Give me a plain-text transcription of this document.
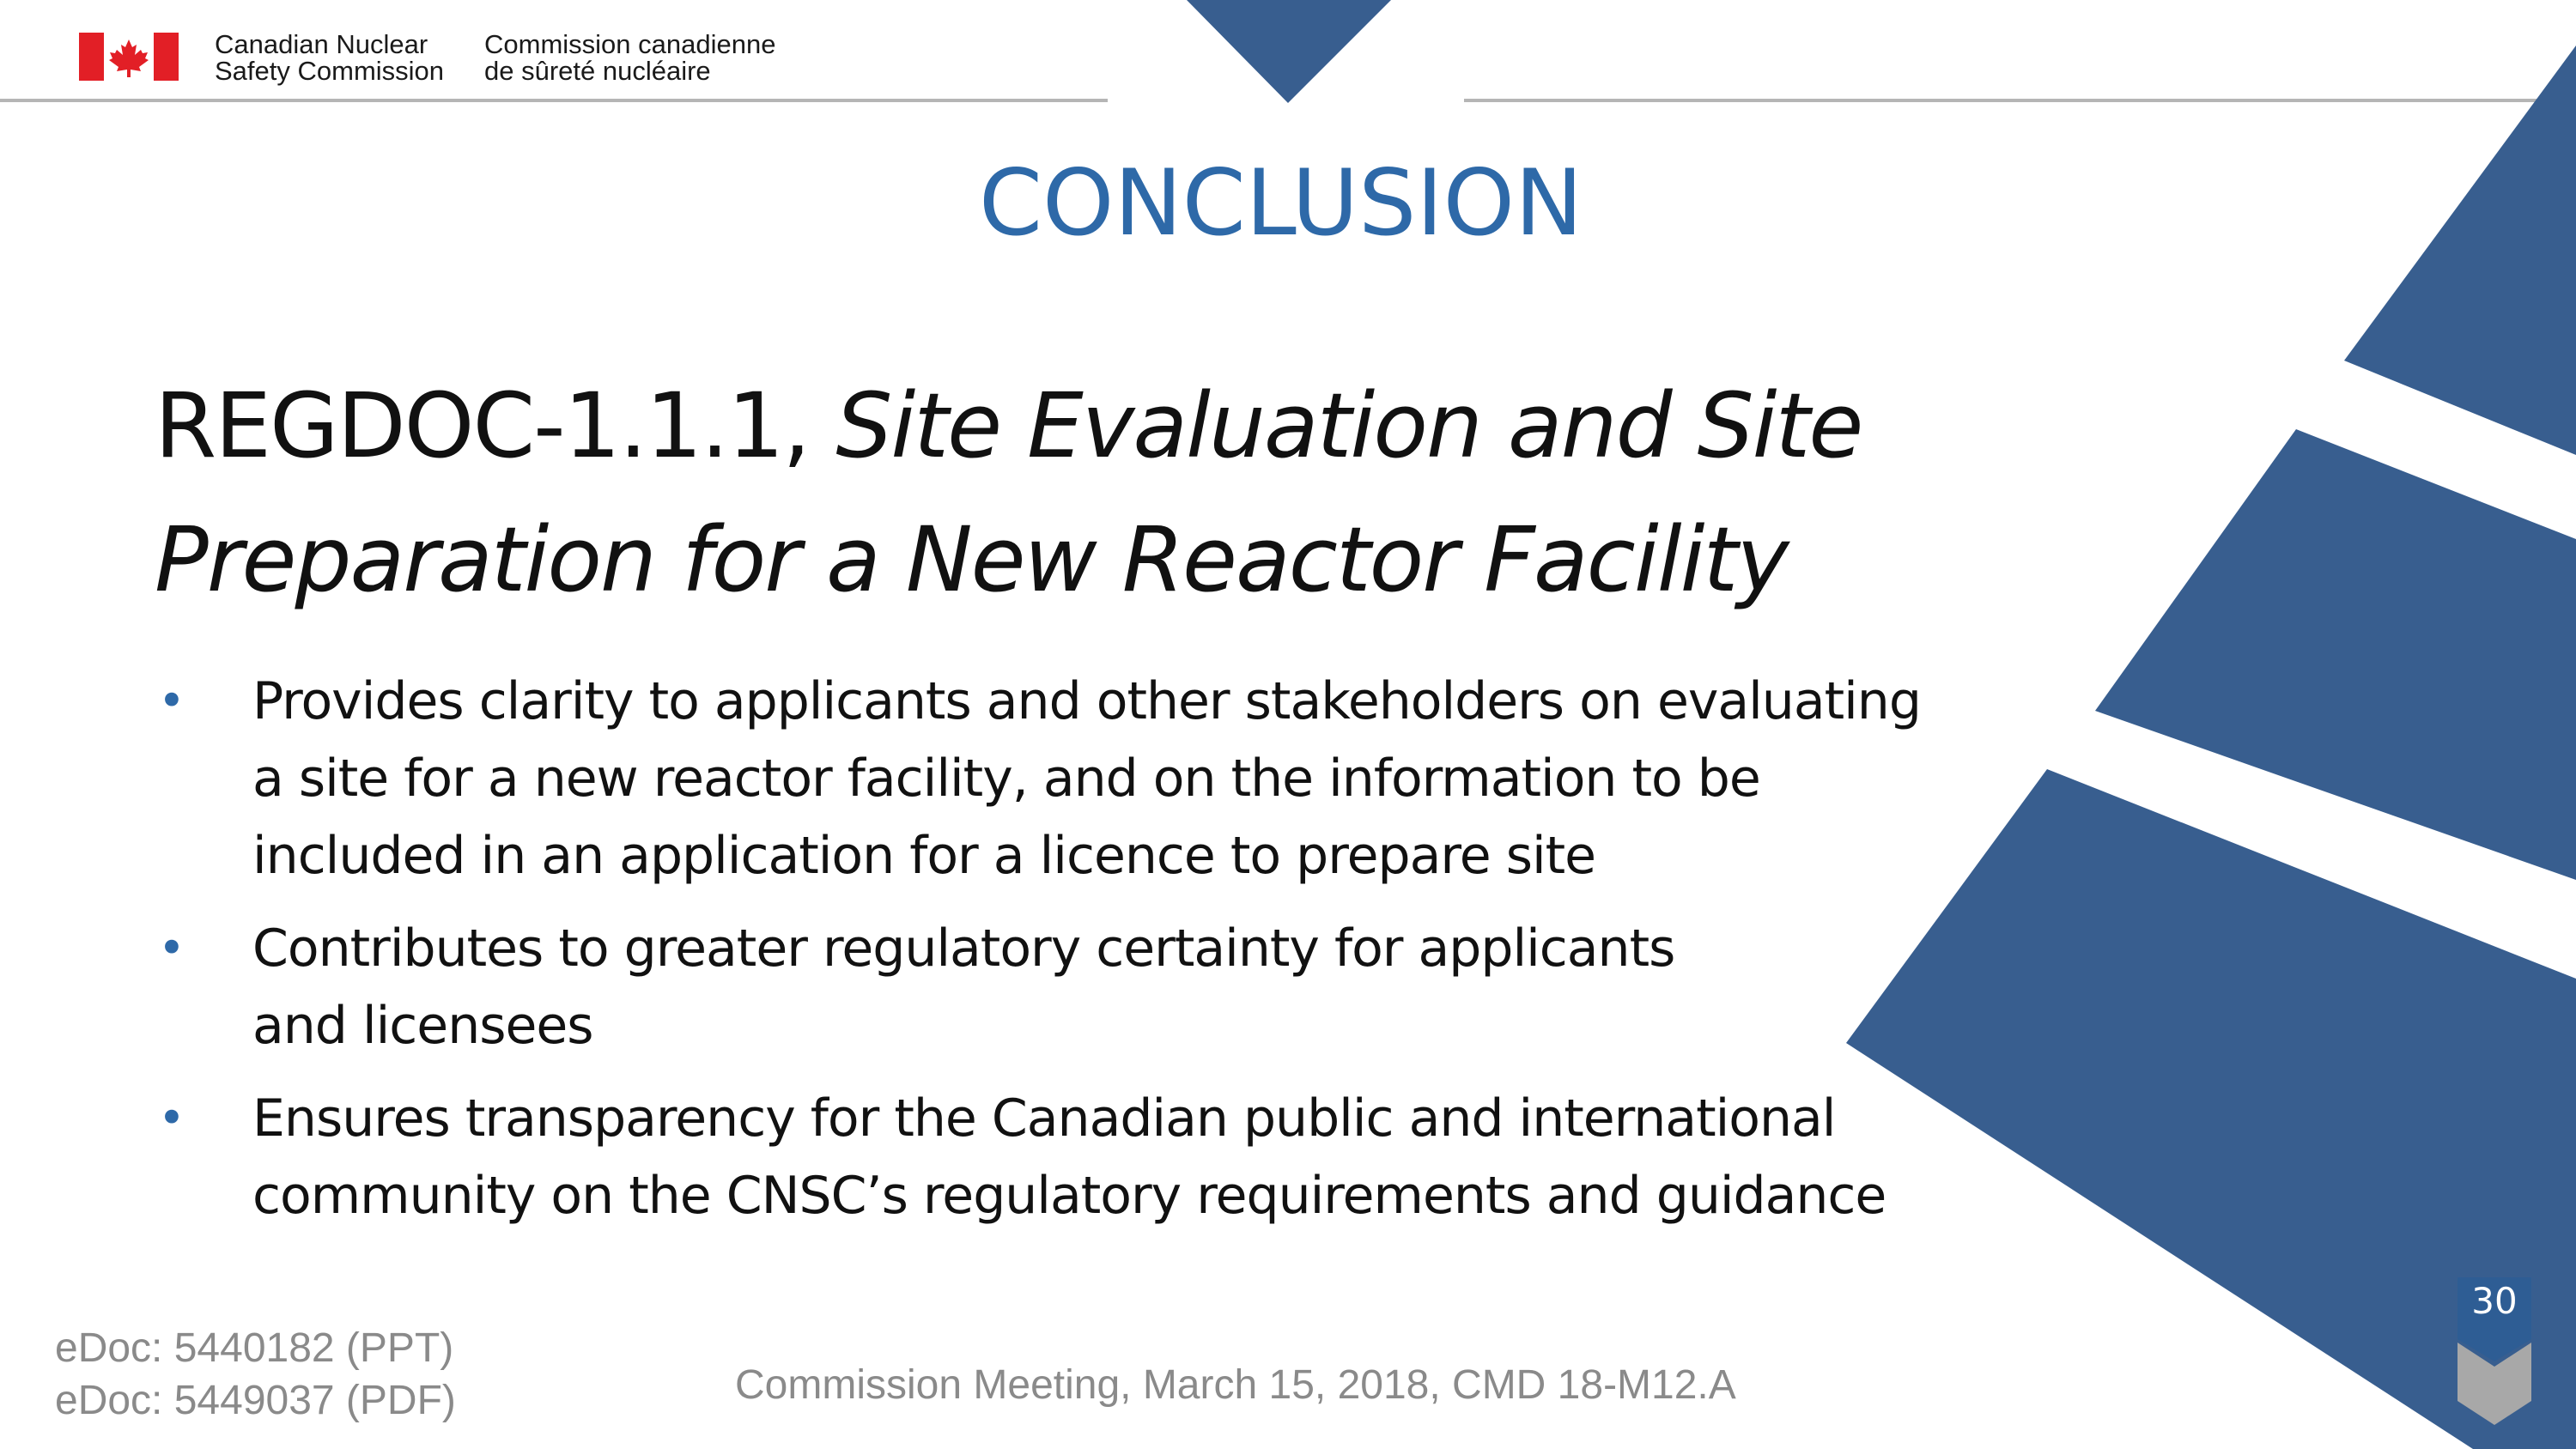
Canadian Nuclear
Safety Commission
Commission canadienne
de sûreté nucléaire
CONCLUSION
REGDOC-1.1.1, Site Evaluation and Site
Preparation for a New Reactor Facility
• Provides clarity to applicants and other stakeholders on evaluating
a site for a new reactor facility, and on the information to be
included in an application for a licence to prepare site
• Contributes to greater regulatory certainty for applicants
and licensees
• Ensures transparency for the Canadian public and international
community on the CNSC’s regulatory requirements and guidance
eDoc: 5440182 (PPT)
eDoc: 5449037 (PDF)	Commission Meeting, March 15, 2018, CMD 18-M12.A
30
